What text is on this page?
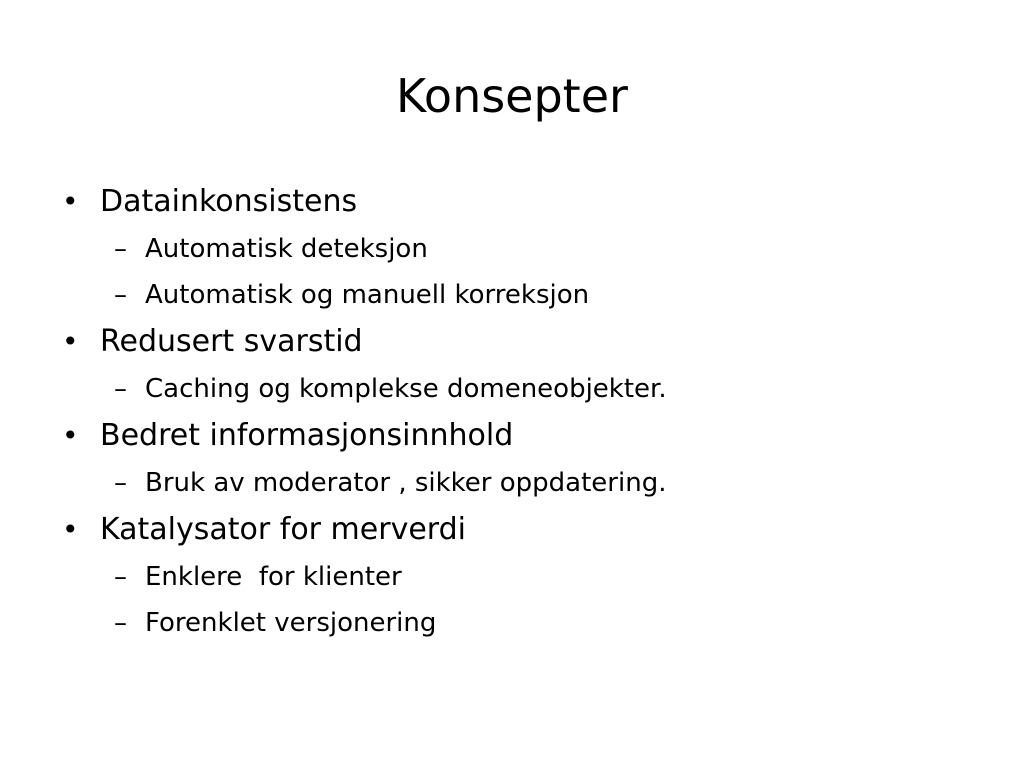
Konsepter
• Datainkonsistens
– Automatisk deteksjon
– Automatisk og manuell korreksjon
• Redusert svarstid
– Caching og komplekse domeneobjekter.
• Bedret informasjonsinnhold
– Bruk av moderator , sikker oppdatering.
• Katalysator for merverdi
– Enklere  for klienter
– Forenklet versjonering
